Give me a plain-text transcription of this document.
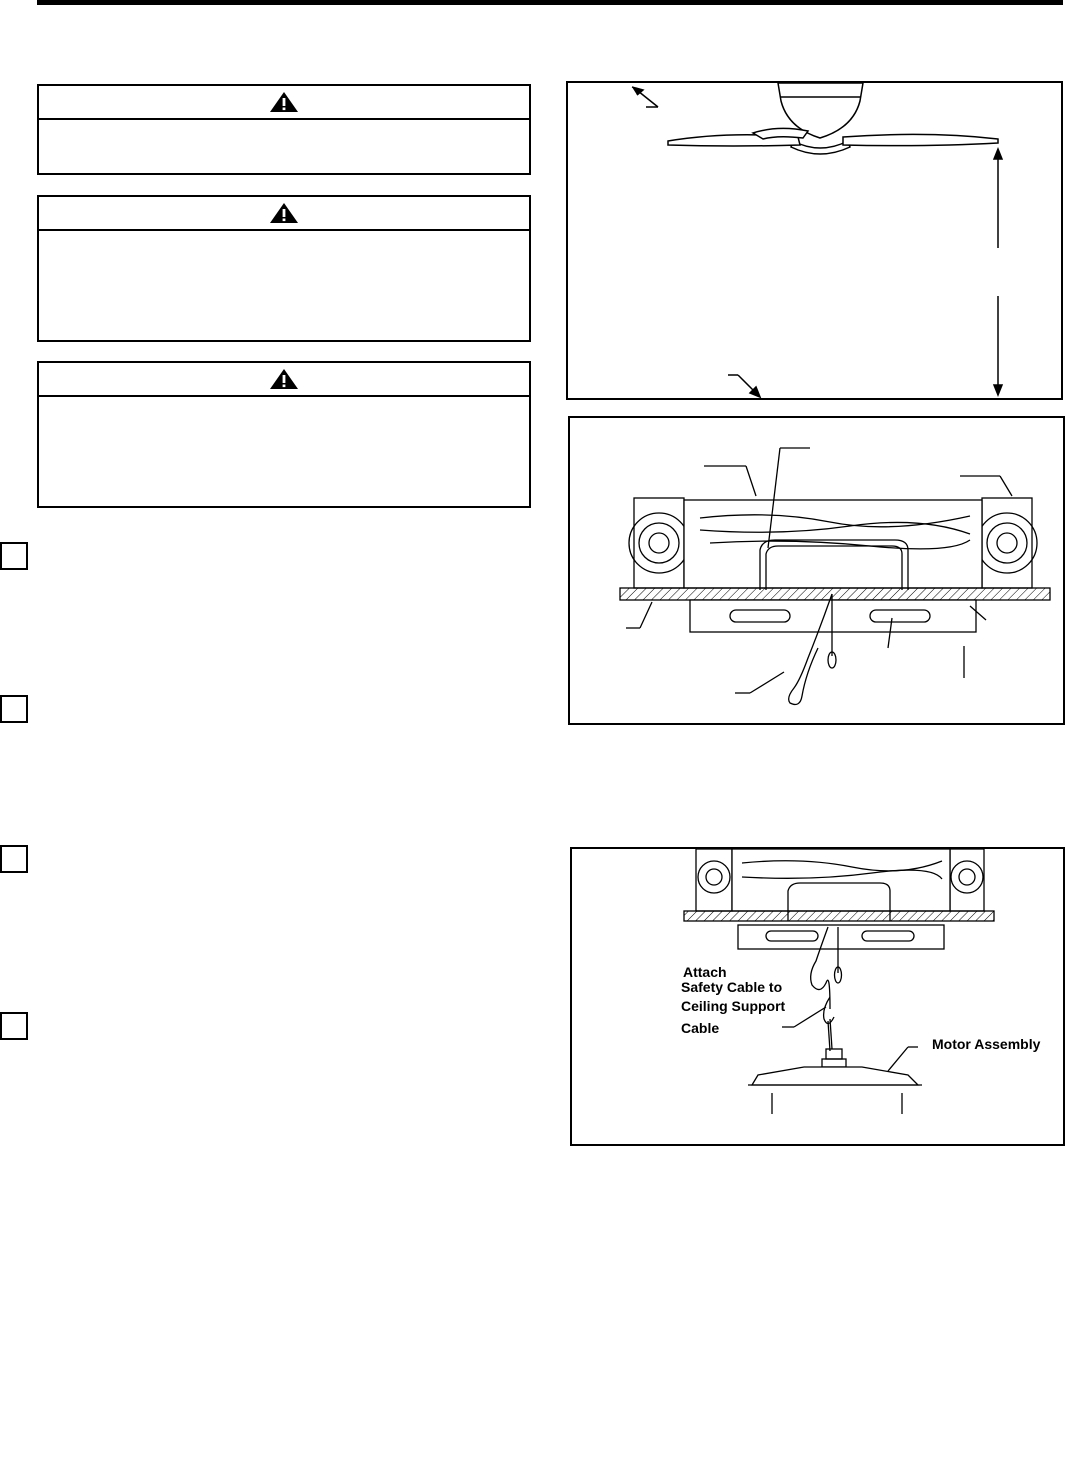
Attach
Safety Cable to
Ceiling Support
Cable
Motor Assembly
